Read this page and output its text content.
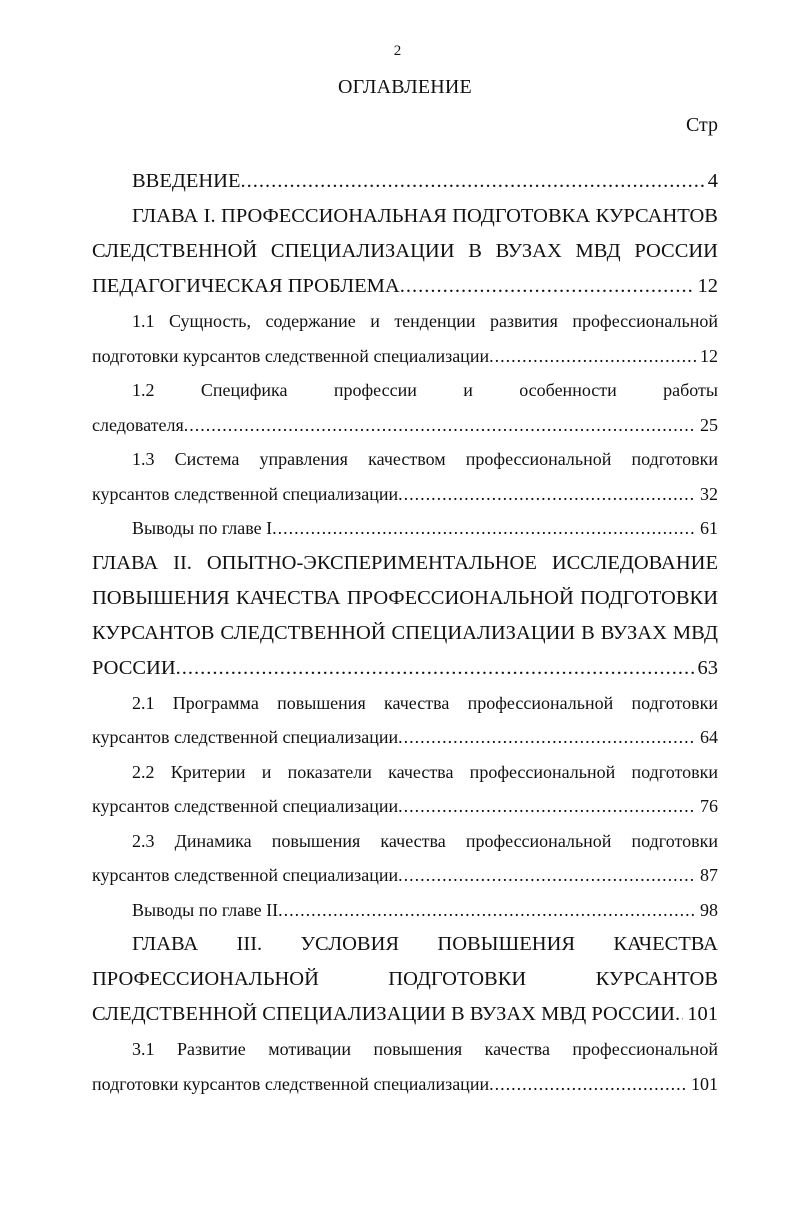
2
ОГЛАВЛЕНИЕ
Стр
ВВЕДЕНИЕ .....	4
ГЛАВА I. ПРОФЕССИОНАЛЬНАЯ ПОДГОТОВКА КУРСАНТОВ
СЛЕДСТВЕННОЙ СПЕЦИАЛИЗАЦИИ В ВУЗАХ МВД РОССИИ
ПЕДАГОГИЧЕСКАЯ ПРОБЛЕМА .....	12
1.1 Сущность, содержание и тенденции развития профессиональной
подготовки курсантов следственной специализации .....	12
1.2 Специфика профессии и особенности работы
следователя .....	25
1.3 Система управления качеством профессиональной подготовки
курсантов следственной специализации .....	32
Выводы по главе I .....	61
ГЛАВА II. ОПЫТНО-ЭКСПЕРИМЕНТАЛЬНОЕ ИССЛЕДОВАНИЕ
ПОВЫШЕНИЯ КАЧЕСТВА ПРОФЕССИОНАЛЬНОЙ ПОДГОТОВКИ
КУРСАНТОВ СЛЕДСТВЕННОЙ СПЕЦИАЛИЗАЦИИ В ВУЗАХ МВД
РОССИИ .....	63
2.1 Программа повышения качества профессиональной подготовки
курсантов следственной специализации .....	64
2.2 Критерии и показатели качества профессиональной подготовки
курсантов следственной специализации .....	76
2.3 Динамика повышения качества профессиональной подготовки
курсантов следственной специализации .....	87
Выводы по главе II .....	98
ГЛАВА III. УСЛОВИЯ ПОВЫШЕНИЯ КАЧЕСТВА
ПРОФЕССИОНАЛЬНОЙ ПОДГОТОВКИ КУРСАНТОВ
СЛЕДСТВЕННОЙ СПЕЦИАЛИЗАЦИИ В ВУЗАХ МВД РОССИИ ..... 101
3.1 Развитие мотивации повышения качества профессиональной
подготовки курсантов следственной специализации .....	101
